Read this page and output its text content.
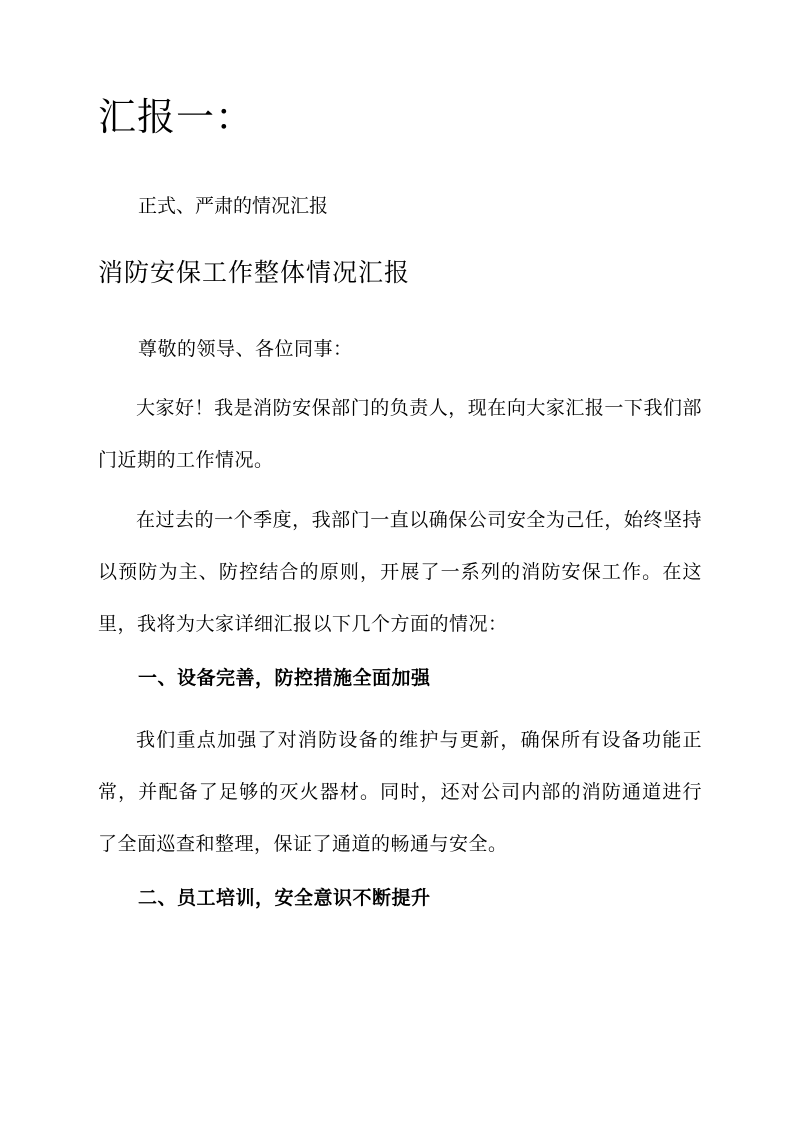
汇报一：

正式、严肃的情况汇报

消防安保工作整体情况汇报

尊敬的领导、各位同事：

大家好！我是消防安保部门的负责人，现在向大家汇报一下我们部门近期的工作情况。

在过去的一个季度，我部门一直以确保公司安全为己任，始终坚持以预防为主、防控结合的原则，开展了一系列的消防安保工作。在这里，我将为大家详细汇报以下几个方面的情况：

一、设备完善，防控措施全面加强

我们重点加强了对消防设备的维护与更新，确保所有设备功能正常，并配备了足够的灭火器材。同时，还对公司内部的消防通道进行了全面巡查和整理，保证了通道的畅通与安全。

二、员工培训，安全意识不断提升
